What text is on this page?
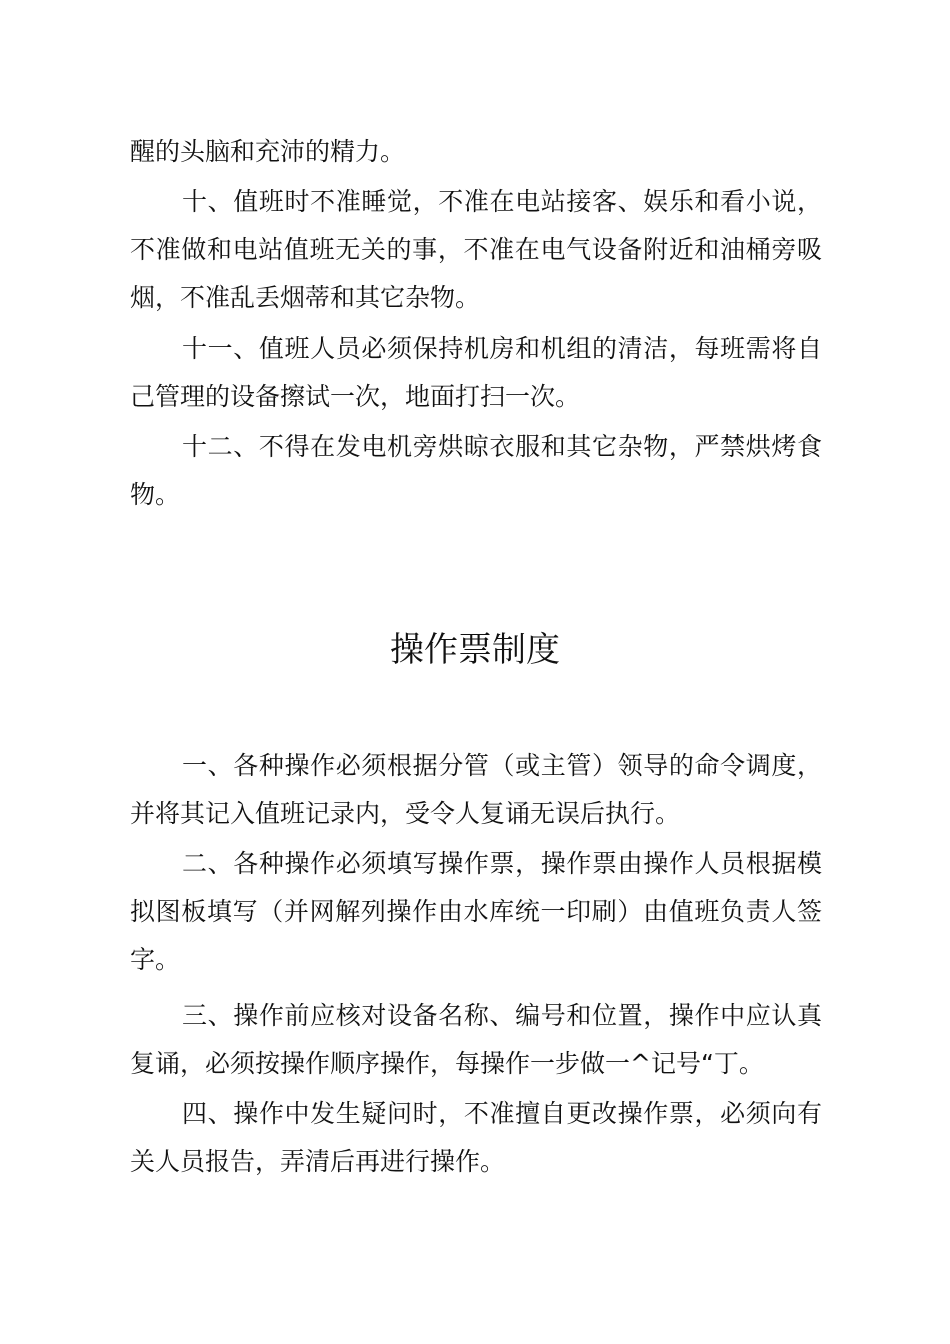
醒的头脑和充沛的精力。

十、值班时不准睡觉，不准在电站接客、娱乐和看小说，不准做和电站值班无关的事，不准在电气设备附近和油桶旁吸烟，不准乱丢烟蒂和其它杂物。

十一、值班人员必须保持机房和机组的清洁，每班需将自己管理的设备擦试一次，地面打扫一次。

十二、不得在发电机旁烘晾衣服和其它杂物，严禁烘烤食物。

操作票制度

一、各种操作必须根据分管（或主管）领导的命令调度，并将其记入值班记录内，受令人复诵无误后执行。

二、各种操作必须填写操作票，操作票由操作人员根据模拟图板填写（并网解列操作由水库统一印刷）由值班负责人签字。

三、操作前应核对设备名称、编号和位置，操作中应认真复诵，必须按操作顺序操作，每操作一步做一^记号“丁。

四、操作中发生疑问时，不准擅自更改操作票，必须向有关人员报告，弄清后再进行操作。
